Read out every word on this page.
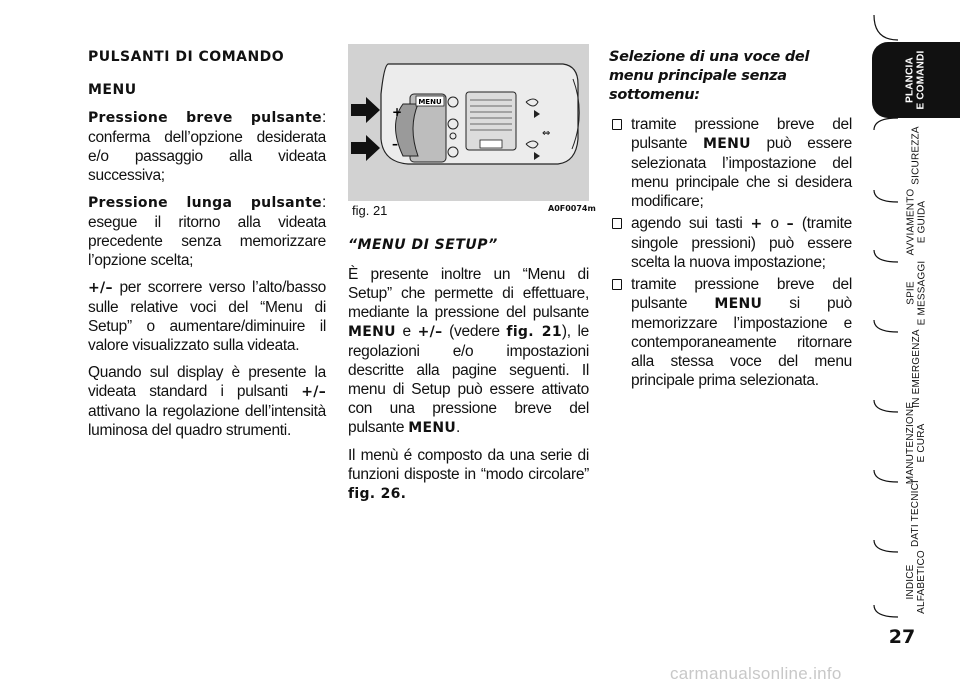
PULSANTI DI COMANDO
MENU

Pressione breve pulsante: conferma dell’opzione desiderata e/o passaggio alla videata successiva;

Pressione lunga pulsante: esegue il ritorno alla videata precedente senza memorizzare l’opzione scelta;

+/– per scorrere verso l’alto/basso sulle relative voci del “Menu di Setup” o aumentare/diminuire il valore visualizzato sulla videata.

Quando sul display è presente la videata standard i pulsanti +/– attivano la regolazione dell’intensità luminosa del quadro strumenti.

MENU
+
–
⇔
fig. 21	A0F0074m
“MENU DI SETUP”

È presente inoltre un “Menu di Setup” che permette di effettuare, mediante la pressione del pulsante MENU e +/– (vedere fig. 21), le regolazioni e/o impostazioni descritte alla pagine seguenti. Il menu di Setup può essere attivato con una pressione breve del pulsante MENU.

Il menù é composto da una serie di funzioni disposte in “modo circolare” fig. 26.

Selezione di una voce del menu principale senza sottomenu:
tramite pressione breve del pulsante MENU può essere selezionata l’impostazione del menu principale che si desidera modificare;
agendo sui tasti + o – (tramite singole pressioni) può essere scelta la nuova impostazione;
tramite pressione breve del pulsante MENU si può memorizzare l’impostazione e contemporaneamente ritornare alla stessa voce del menu principale prima selezionata.
PLANCIA
E COMANDI
SICUREZZA
AVVIAMENTO
E GUIDA
SPIE
E MESSAGGI
IN EMERGENZA
MANUTENZIONE
E CURA
DATI TECNICI
INDICE
ALFABETICO
27
carmanualsonline.info
